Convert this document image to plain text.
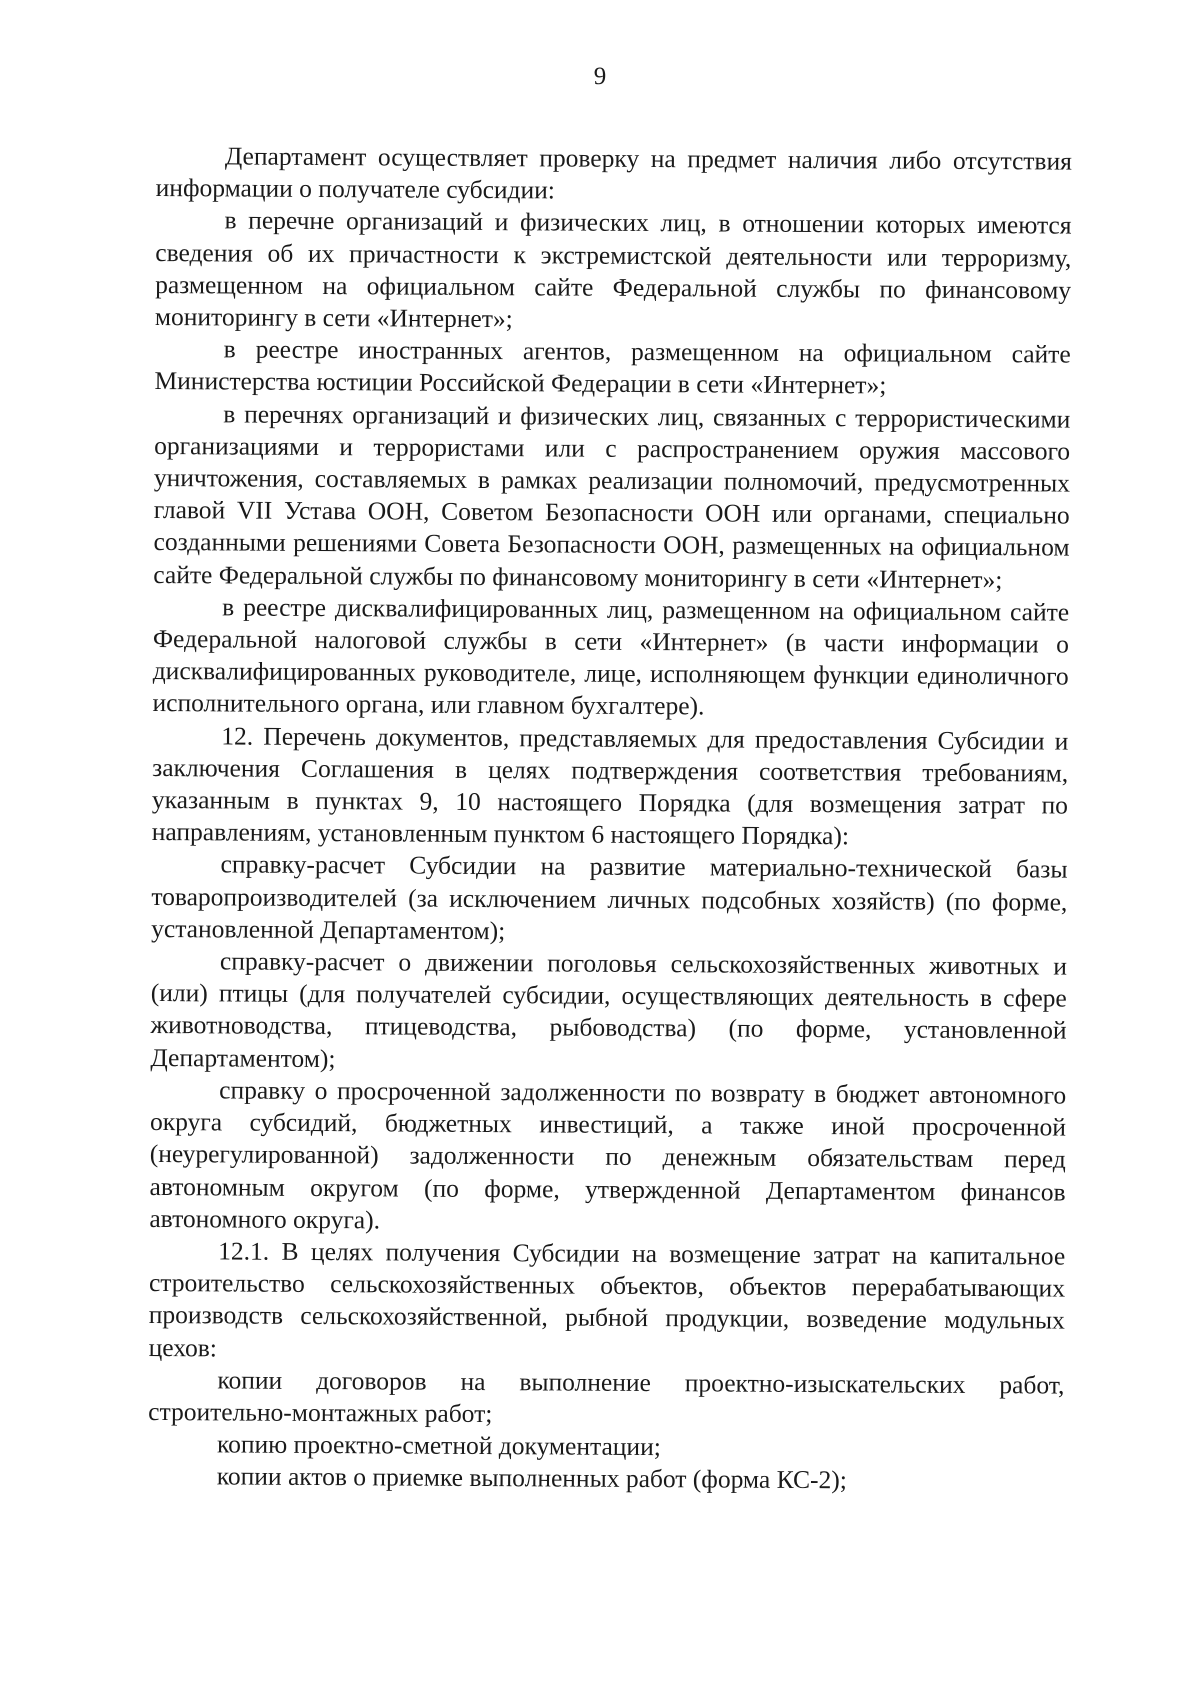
9

Департамент осуществляет проверку на предмет наличия либо отсутствия информации о получателе субсидии:

в перечне организаций и физических лиц, в отношении которых имеются сведения об их причастности к экстремистской деятельности или терроризму, размещенном на официальном сайте Федеральной службы по финансовому мониторингу в сети «Интернет»;

в реестре иностранных агентов, размещенном на официальном сайте Министерства юстиции Российской Федерации в сети «Интернет»;

в перечнях организаций и физических лиц, связанных с террористическими организациями и террористами или с распространением оружия массового уничтожения, составляемых в рамках реализации полномочий, предусмотренных главой VII Устава ООН, Советом Безопасности ООН или органами, специально созданными решениями Совета Безопасности ООН, размещенных на официальном сайте Федеральной службы по финансовому мониторингу в сети «Интернет»;

в реестре дисквалифицированных лиц, размещенном на официальном сайте Федеральной налоговой службы в сети «Интернет» (в части информации о дисквалифицированных руководителе, лице, исполняющем функции единоличного исполнительного органа, или главном бухгалтере).

12. Перечень документов, представляемых для предоставления Субсидии и заключения Соглашения в целях подтверждения соответствия требованиям, указанным в пунктах 9, 10 настоящего Порядка (для возмещения затрат по направлениям, установленным пунктом 6 настоящего Порядка):

справку-расчет Субсидии на развитие материально-технической базы товаропроизводителей (за исключением личных подсобных хозяйств) (по форме, установленной Департаментом);

справку-расчет о движении поголовья сельскохозяйственных животных и (или) птицы (для получателей субсидии, осуществляющих деятельность в сфере животноводства, птицеводства, рыбоводства) (по форме, установленной Департаментом);

справку о просроченной задолженности по возврату в бюджет автономного округа субсидий, бюджетных инвестиций, а также иной просроченной (неурегулированной) задолженности по денежным обязательствам перед автономным округом (по форме, утвержденной Департаментом финансов автономного округа).

12.1. В целях получения Субсидии на возмещение затрат на капитальное строительство сельскохозяйственных объектов, объектов перерабатывающих производств сельскохозяйственной, рыбной продукции, возведение модульных цехов:

копии договоров на выполнение проектно-изыскательских работ, строительно-монтажных работ;

копию проектно-сметной документации;

копии актов о приемке выполненных работ (форма КС-2);
